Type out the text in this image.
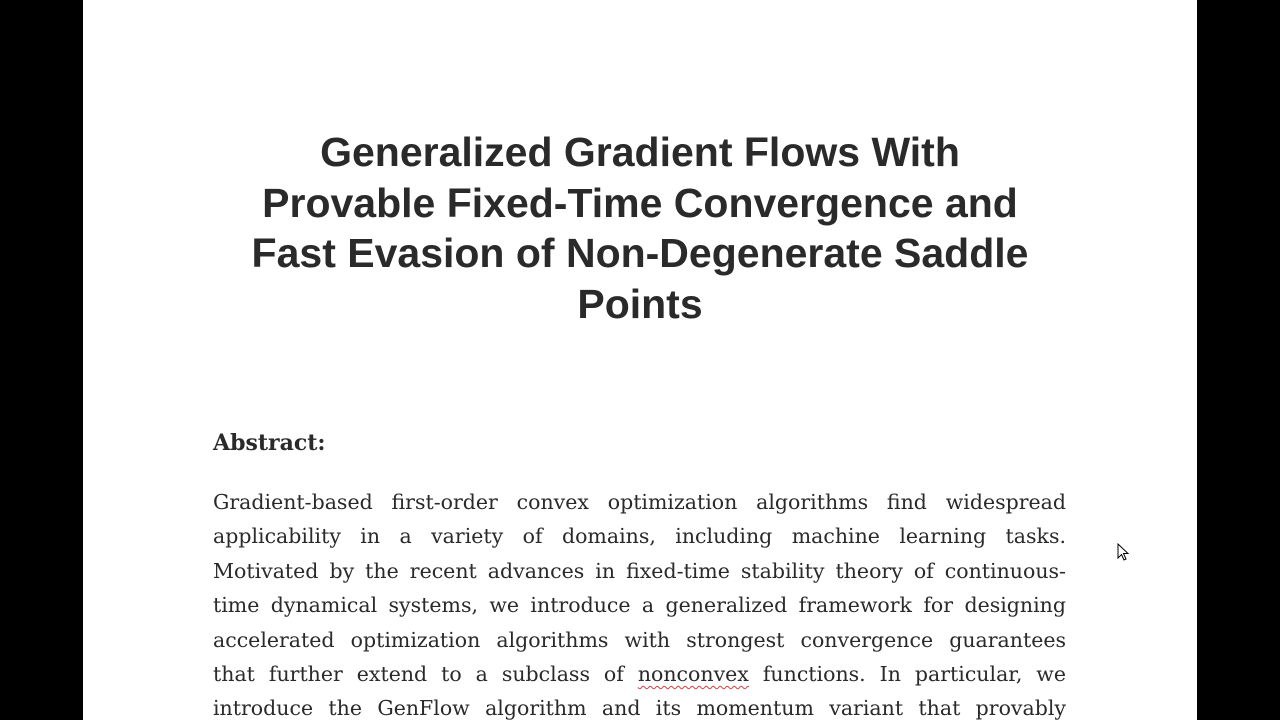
Generalized Gradient Flows With
Provable Fixed-Time Convergence and
Fast Evasion of Non-Degenerate Saddle
Points
Abstract:
Gradient-based first-order convex optimization algorithms find widespread
applicability in a variety of domains, including machine learning tasks.
Motivated by the recent advances in fixed-time stability theory of continuous-
time dynamical systems, we introduce a generalized framework for designing
accelerated optimization algorithms with strongest convergence guarantees
that further extend to a subclass of nonconvex functions. In particular, we
introduce the GenFlow algorithm and its momentum variant that provably
